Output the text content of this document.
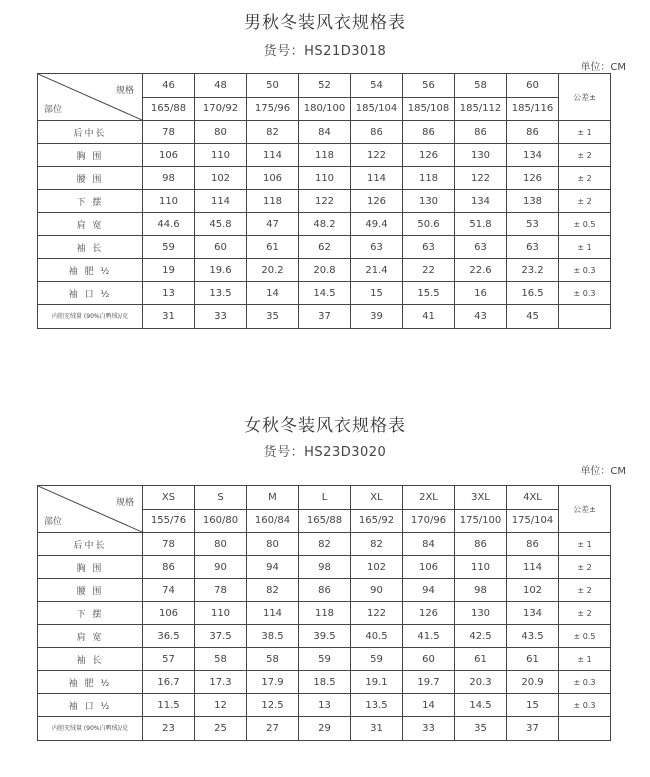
男秋冬装风衣规格表
货号：HS21D3018
单位：CM
规格
部位	46	48	50	52	54	56	58	60	公差±
	165/88	170/92	175/96	180/100	185/104	185/108	185/112	185/116	
后中长	78	80	82	84	86	86	86	86	± 1
胸 围	106	110	114	118	122	126	130	134	± 2
腰 围	98	102	106	110	114	118	122	126	± 2
下 摆	110	114	118	122	126	130	134	138	± 2
肩 宽	44.6	45.8	47	48.2	49.4	50.6	51.8	53	± 0.5
袖 长	59	60	61	62	63	63	63	63	± 1
袖 肥 ½	19	19.6	20.2	20.8	21.4	22	22.6	23.2	± 0.3
袖 口 ½	13	13.5	14	14.5	15	15.5	16	16.5	± 0.3
内胆充绒量 (90%白鸭绒)/克	31	33	35	37	39	41	43	45	
女秋冬装风衣规格表
货号：HS23D3020
单位：CM
规格
部位	XS	S	M	L	XL	2XL	3XL	4XL	公差±
	155/76	160/80	160/84	165/88	165/92	170/96	175/100	175/104	
后中长	78	80	80	82	82	84	86	86	± 1
胸 围	86	90	94	98	102	106	110	114	± 2
腰 围	74	78	82	86	90	94	98	102	± 2
下 摆	106	110	114	118	122	126	130	134	± 2
肩 宽	36.5	37.5	38.5	39.5	40.5	41.5	42.5	43.5	± 0.5
袖 长	57	58	58	59	59	60	61	61	± 1
袖 肥 ½	16.7	17.3	17.9	18.5	19.1	19.7	20.3	20.9	± 0.3
袖 口 ½	11.5	12	12.5	13	13.5	14	14.5	15	± 0.3
内胆充绒量 (90%白鸭绒)/克	23	25	27	29	31	33	35	37	
